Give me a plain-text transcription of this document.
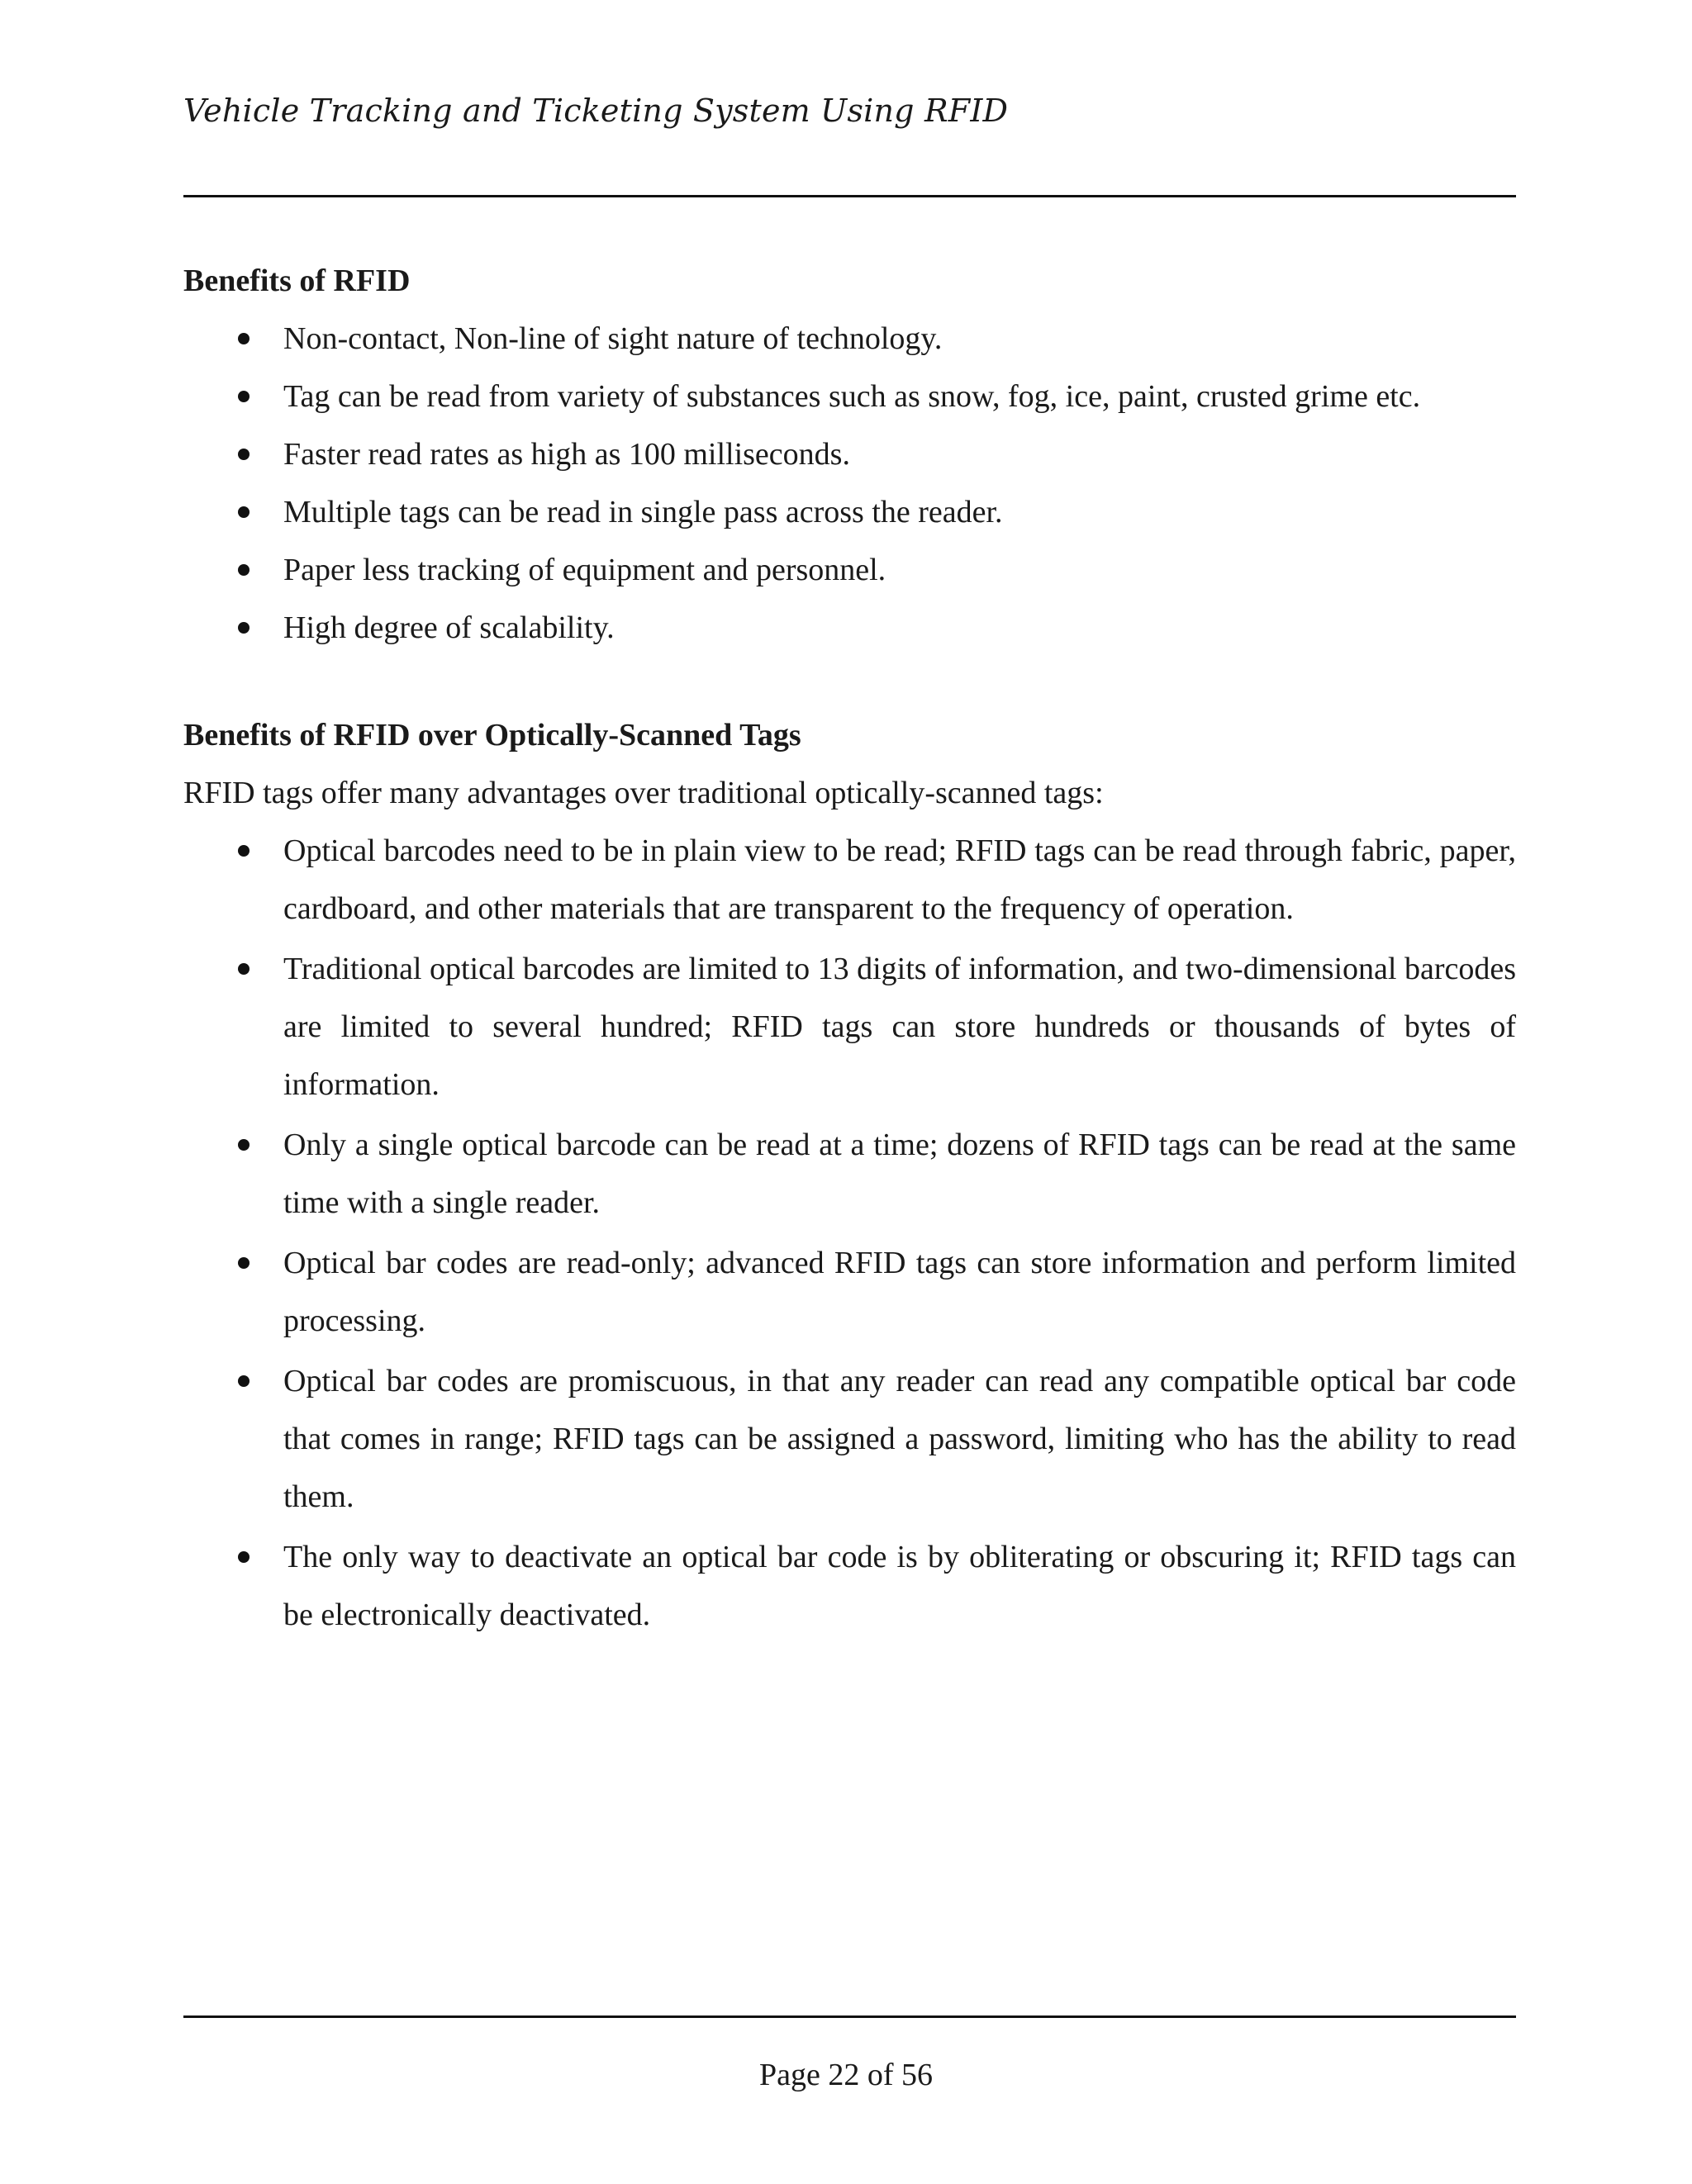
Vehicle Tracking and Ticketing System Using RFID
Benefits of RFID
Non-contact, Non-line of sight nature of technology.
Tag can be read from variety of substances such as snow, fog, ice, paint, crusted grime etc.
Faster read rates as high as 100 milliseconds.
Multiple tags can be read in single pass across the reader.
Paper less tracking of equipment and personnel.
High degree of scalability.
Benefits of RFID over Optically-Scanned Tags

RFID tags offer many advantages over traditional optically-scanned tags:

Optical barcodes need to be in plain view to be read; RFID tags can be read through fabric, paper, cardboard, and other materials that are transparent to the frequency of operation.
Traditional optical barcodes are limited to 13 digits of information, and two-dimensional barcodes are limited to several hundred; RFID tags can store hundreds or thousands of bytes of information.
Only a single optical barcode can be read at a time; dozens of RFID tags can be read at the same time with a single reader.
Optical bar codes are read-only; advanced RFID tags can store information and perform limited processing.
Optical bar codes are promiscuous, in that any reader can read any compatible optical bar code that comes in range; RFID tags can be assigned a password, limiting who has the ability to read them.
The only way to deactivate an optical bar code is by obliterating or obscuring it; RFID tags can be electronically deactivated.
Page 22 of 56
